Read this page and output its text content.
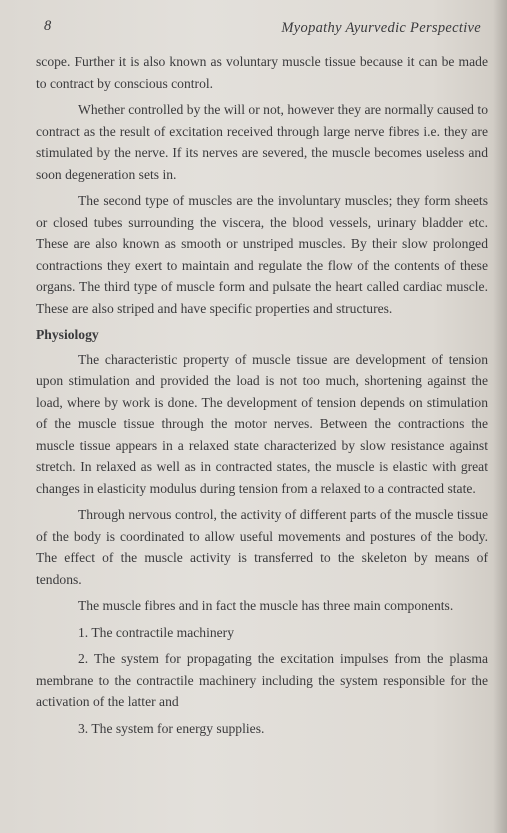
8	Myopathy Ayurvedic Perspective

scope. Further it is also known as voluntary muscle tissue because it can be made to contract by conscious control.

Whether controlled by the will or not, however they are normally caused to contract as the result of excitation received through large nerve fibres i.e. they are stimulated by the nerve. If its nerves are severed, the muscle becomes useless and soon degeneration sets in.

The second type of muscles are the involuntary muscles; they form sheets or closed tubes surrounding the viscera, the blood vessels, urinary bladder etc. These are also known as smooth or unstriped muscles. By their slow prolonged contractions they exert to maintain and regulate the flow of the contents of these organs. The third type of muscle form and pulsate the heart called cardiac muscle. These are also striped and have specific properties and structures.

Physiology

The characteristic property of muscle tissue are development of tension upon stimulation and provided the load is not too much, shortening against the load, where by work is done. The development of tension depends on stimulation of the muscle tissue through the motor nerves. Between the contractions the muscle tissue appears in a relaxed state characterized by slow resistance against stretch. In relaxed as well as in contracted states, the muscle is elastic with great changes in elasticity modulus during tension from a relaxed to a contracted state.

Through nervous control, the activity of different parts of the muscle tissue of the body is coordinated to allow useful movements and postures of the body. The effect of the muscle activity is transferred to the skeleton by means of tendons.

The muscle fibres and in fact the muscle has three main components.

1. The contractile machinery

2. The system for propagating the excitation impulses from the plasma membrane to the contractile machinery including the system responsible for the activation of the latter and

3. The system for energy supplies.
